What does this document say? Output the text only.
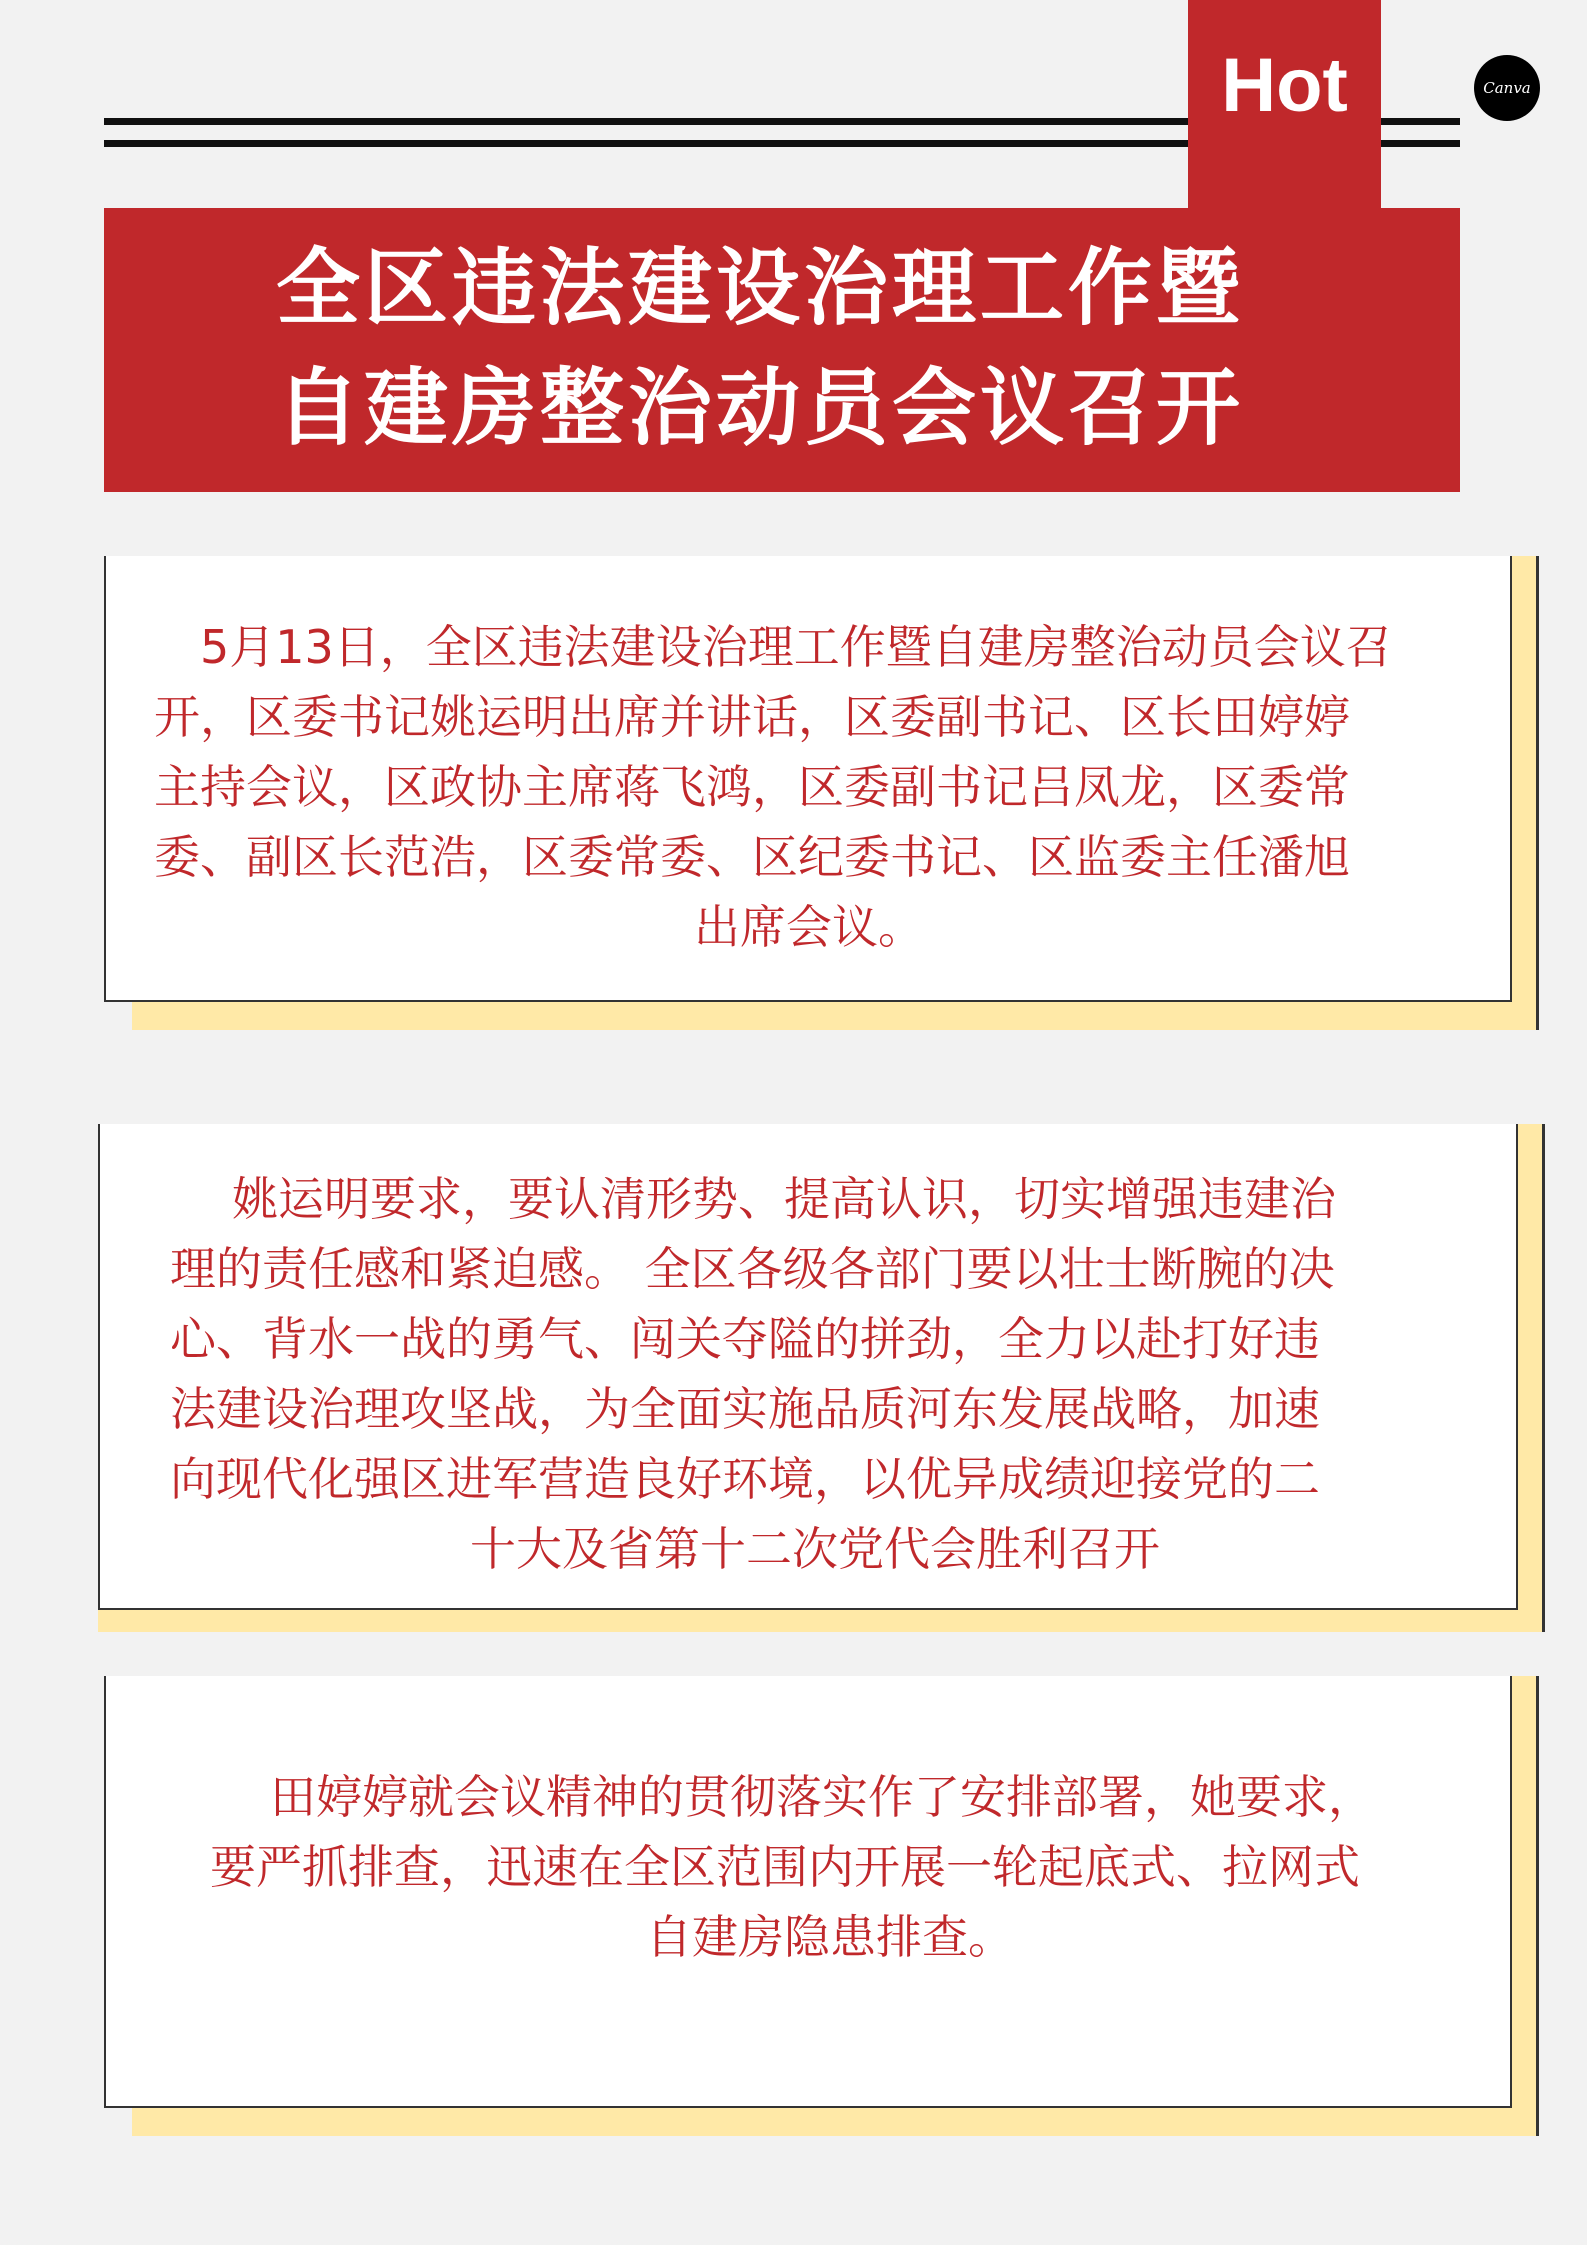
Hot	Canva
全区违法建设治理工作暨
自建房整治动员会议召开

5月13日，全区违法建设治理工作暨自建房整治动员会议召
开，区委书记姚运明出席并讲话，区委副书记、区长田婷婷
主持会议，区政协主席蒋飞鸿，区委副书记吕凤龙，区委常
委、副区长范浩，区委常委、区纪委书记、区监委主任潘旭
出席会议。

姚运明要求，要认清形势、提高认识，切实增强违建治
理的责任感和紧迫感。 全区各级各部门要以壮士断腕的决
心、背水一战的勇气、闯关夺隘的拼劲，全力以赴打好违
法建设治理攻坚战，为全面实施品质河东发展战略，加速
向现代化强区进军营造良好环境，以优异成绩迎接党的二
十大及省第十二次党代会胜利召开

田婷婷就会议精神的贯彻落实作了安排部署，她要求，
要严抓排查，迅速在全区范围内开展一轮起底式、拉网式
自建房隐患排查。
